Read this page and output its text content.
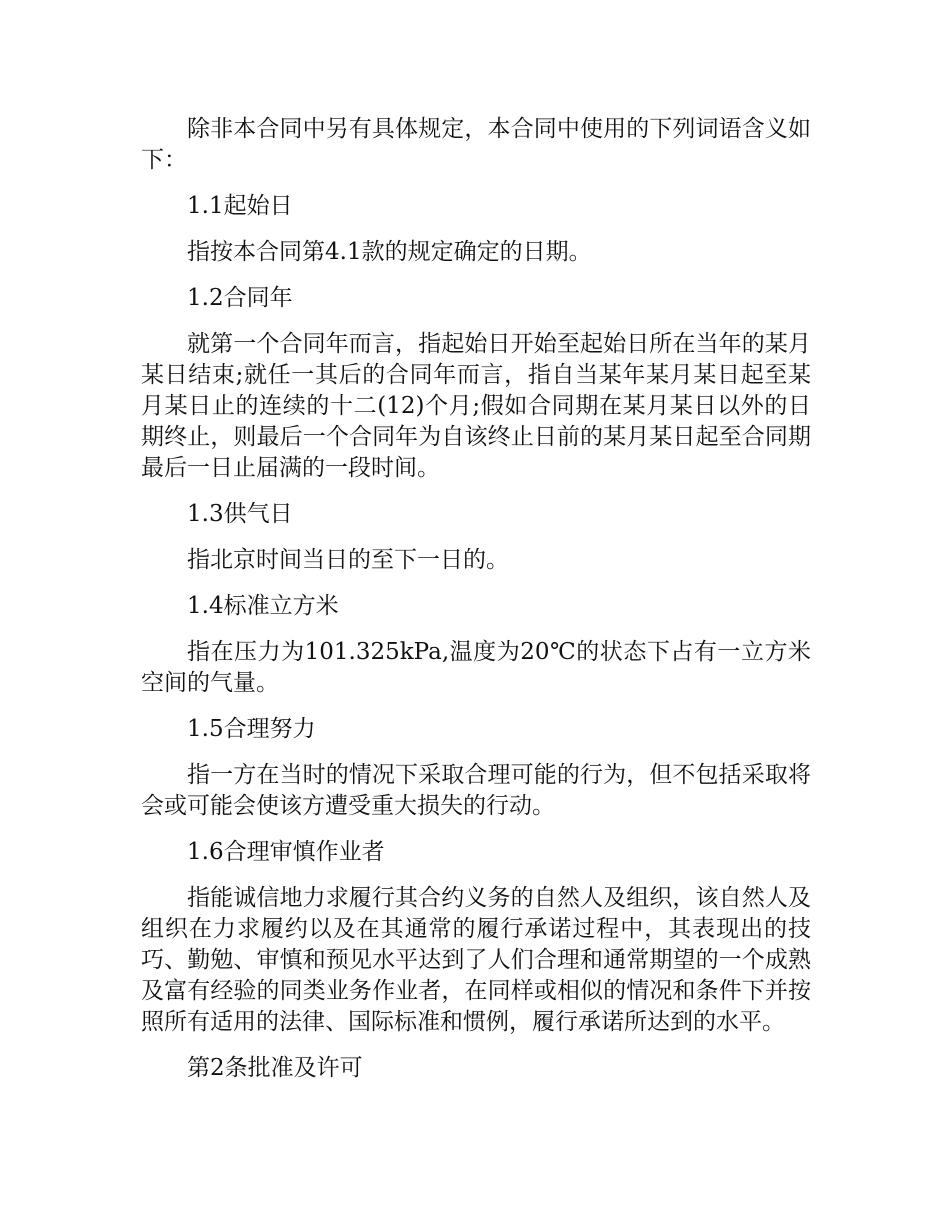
除非本合同中另有具体规定，本合同中使用的下列词语含义如下：

1.1起始日

指按本合同第4.1款的规定确定的日期。

1.2合同年

就第一个合同年而言，指起始日开始至起始日所在当年的某月某日结束;就任一其后的合同年而言，指自当某年某月某日起至某月某日止的连续的十二(12)个月;假如合同期在某月某日以外的日期终止，则最后一个合同年为自该终止日前的某月某日起至合同期最后一日止届满的一段时间。

1.3供气日

指北京时间当日的至下一日的。

1.4标准立方米

指在压力为101.325kPa,温度为20℃的状态下占有一立方米空间的气量。

1.5合理努力

指一方在当时的情况下采取合理可能的行为，但不包括采取将会或可能会使该方遭受重大损失的行动。

1.6合理审慎作业者

指能诚信地力求履行其合约义务的自然人及组织，该自然人及组织在力求履约以及在其通常的履行承诺过程中，其表现出的技巧、勤勉、审慎和预见水平达到了人们合理和通常期望的一个成熟及富有经验的同类业务作业者，在同样或相似的情况和条件下并按照所有适用的法律、国际标准和惯例，履行承诺所达到的水平。

第2条批准及许可
